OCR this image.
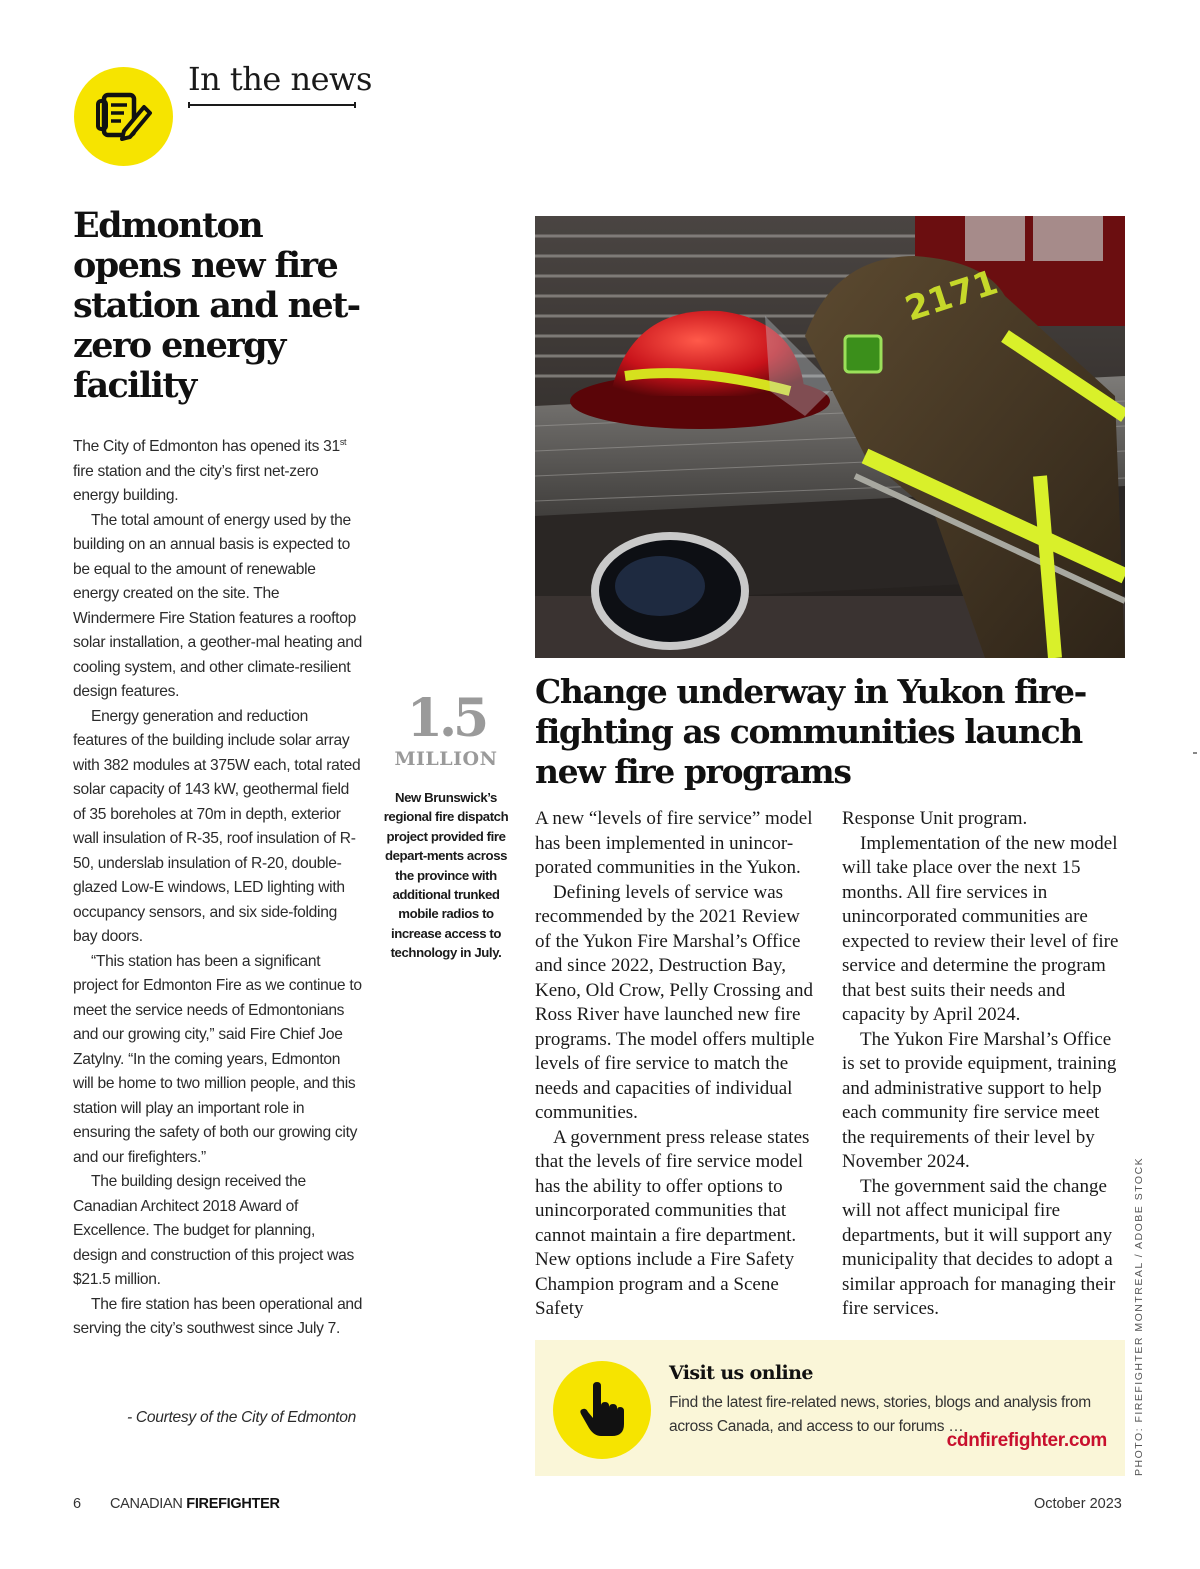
In the news
Edmonton opens new fire station and net-zero energy facility

The City of Edmonton has opened its 31st fire station and the city’s first net-zero energy building.

The total amount of energy used by the building on an annual basis is expected to be equal to the amount of renewable energy created on the site. The Windermere Fire Station features a rooftop solar installation, a geother-mal heating and cooling system, and other climate-resilient design features.

Energy generation and reduction features of the building include solar array with 382 modules at 375W each, total rated solar capacity of 143 kW, geothermal field of 35 boreholes at 70m in depth, exterior wall insulation of R-35, roof insulation of R-50, underslab insulation of R-20, double-glazed Low-E windows, LED lighting with occupancy sensors, and six side-folding bay doors.

“This station has been a significant project for Edmonton Fire as we continue to meet the service needs of Edmontonians and our growing city,” said Fire Chief Joe Zatylny. “In the coming years, Edmonton will be home to two million people, and this station will play an important role in ensuring the safety of both our growing city and our firefighters.”

The building design received the Canadian Architect 2018 Award of Excellence. The budget for planning, design and construction of this project was $21.5 million.

The fire station has been operational and serving the city’s southwest since July 7.

- Courtesy of the City of Edmonton
1.5
MILLION
New Brunswick’s regional fire dispatch project provided fire depart-ments across the province with additional trunked mobile radios to increase access to technology in July.
2171
PHOTO: FIREFIGHTER MONTREAL / ADOBE STOCK
Change underway in Yukon fire-fighting as communities launch new fire programs

A new “levels of fire service” model has been implemented in unincor-porated communities in the Yukon.

Defining levels of service was recommended by the 2021 Review of the Yukon Fire Marshal’s Office and since 2022, Destruction Bay, Keno, Old Crow, Pelly Crossing and Ross River have launched new fire programs. The model offers multiple levels of fire service to match the needs and capacities of individual communities.

A government press release states that the levels of fire service model has the ability to offer options to unincorporated communities that cannot maintain a fire department. New options include a Fire Safety Champion program and a Scene Safety

Response Unit program.

Implementation of the new model will take place over the next 15 months. All fire services in unincorporated communities are expected to review their level of fire service and determine the program that best suits their needs and capacity by April 2024.

The Yukon Fire Marshal’s Office is set to provide equipment, training and administrative support to help each community fire service meet the requirements of their level by November 2024.

The government said the change will not affect municipal fire departments, but it will support any municipality that decides to adopt a similar approach for managing their fire services.

Visit us online
Find the latest fire-related news, stories, blogs and analysis from across Canada, and access to our forums …
cdnfirefighter.com
6 CANADIAN FIREFIGHTER	October 2023
